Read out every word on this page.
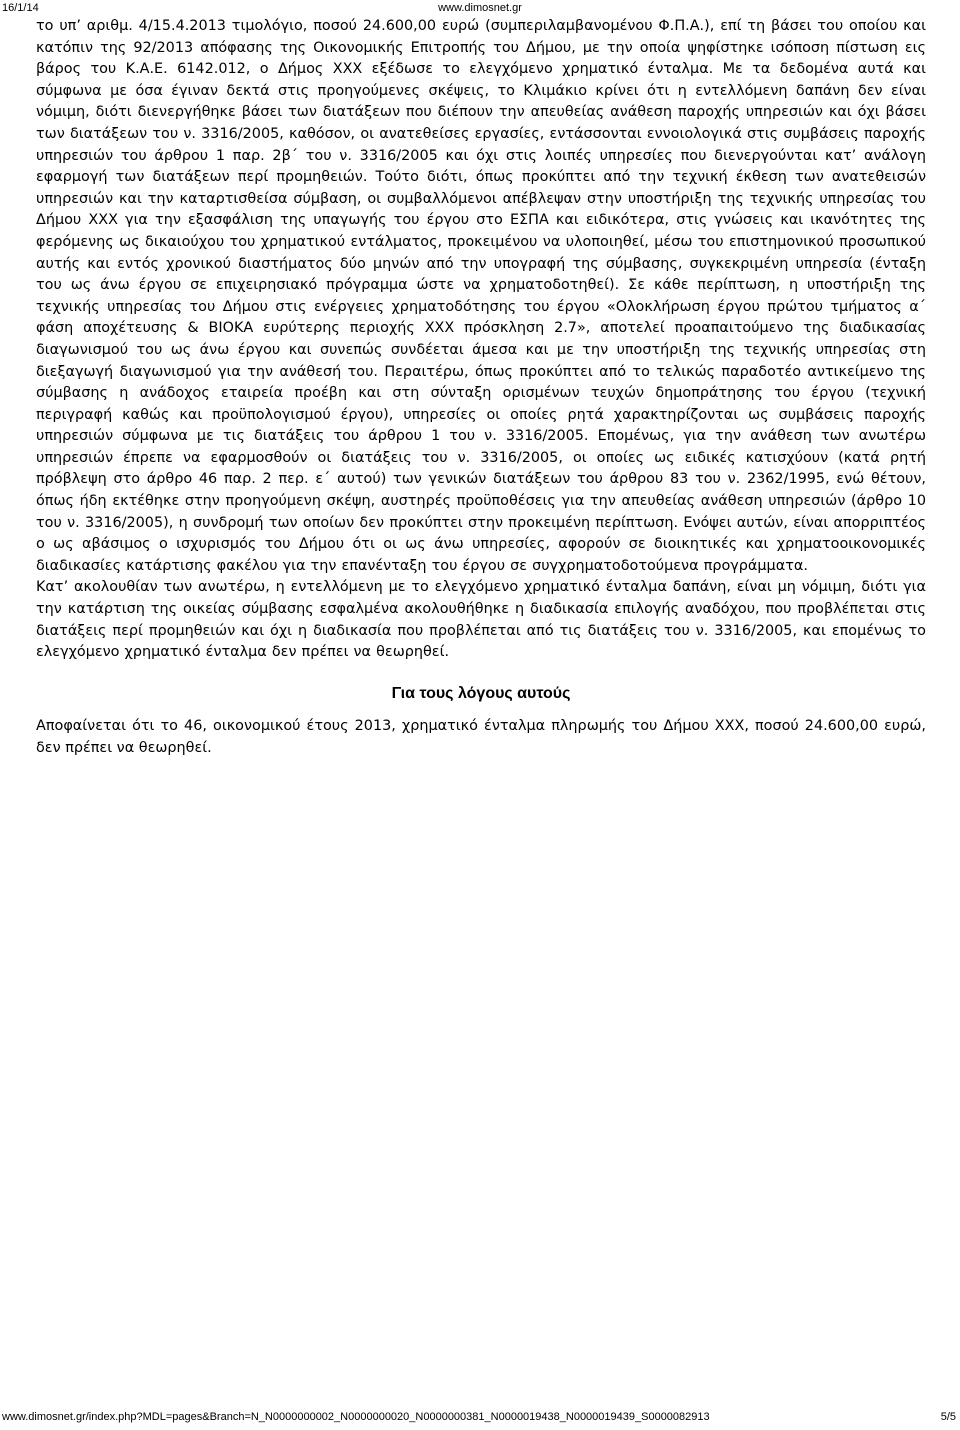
16/1/14	www.dimosnet.gr

το υπ’ αριθμ. 4/15.4.2013 τιμολόγιο, ποσού 24.600,00 ευρώ (συμπεριλαμβανομένου Φ.Π.Α.), επί τη βάσει του οποίου και κατόπιν της 92/2013 απόφασης της Οικονομικής Επιτροπής του Δήμου, με την οποία ψηφίστηκε ισόποση πίστωση εις βάρος του Κ.Α.Ε. 6142.012, ο Δήμος ΧΧΧ εξέδωσε το ελεγχόμενο χρηματικό ένταλμα. Με τα δεδομένα αυτά και σύμφωνα με όσα έγιναν δεκτά στις προηγούμενες σκέψεις, το Κλιμάκιο κρίνει ότι η εντελλόμενη δαπάνη δεν είναι νόμιμη, διότι διενεργήθηκε βάσει των διατάξεων που διέπουν την απευθείας ανάθεση παροχής υπηρεσιών και όχι βάσει των διατάξεων του ν. 3316/2005, καθόσον, οι ανατεθείσες εργασίες, εντάσσονται εννοιολογικά στις συμβάσεις παροχής υπηρεσιών του άρθρου 1 παρ. 2β΄ του ν. 3316/2005 και όχι στις λοιπές υπηρεσίες που διενεργούνται κατ’ ανάλογη εφαρμογή των διατάξεων περί προμηθειών. Τούτο διότι, όπως προκύπτει από την τεχνική έκθεση των ανατεθεισών υπηρεσιών και την καταρτισθείσα σύμβαση, οι συμβαλλόμενοι απέβλεψαν στην υποστήριξη της τεχνικής υπηρεσίας του Δήμου ΧΧΧ για την εξασφάλιση της υπαγωγής του έργου στο ΕΣΠΑ και ειδικότερα, στις γνώσεις και ικανότητες της φερόμενης ως δικαιούχου του χρηματικού εντάλματος, προκειμένου να υλοποιηθεί, μέσω του επιστημονικού προσωπικού αυτής και εντός χρονικού διαστήματος δύο μηνών από την υπογραφή της σύμβασης, συγκεκριμένη υπηρεσία (ένταξη του ως άνω έργου σε επιχειρησιακό πρόγραμμα ώστε να χρηματοδοτηθεί). Σε κάθε περίπτωση, η υποστήριξη της τεχνικής υπηρεσίας του Δήμου στις ενέργειες χρηματοδότησης του έργου «Ολοκλήρωση έργου πρώτου τμήματος α΄ φάση αποχέτευσης & ΒΙΟΚΑ ευρύτερης περιοχής ΧΧΧ πρόσκληση 2.7», αποτελεί προαπαιτούμενο της διαδικασίας διαγωνισμού του ως άνω έργου και συνεπώς συνδέεται άμεσα και με την υποστήριξη της τεχνικής υπηρεσίας στη διεξαγωγή διαγωνισμού για την ανάθεσή του. Περαιτέρω, όπως προκύπτει από το τελικώς παραδοτέο αντικείμενο της σύμβασης η ανάδοχος εταιρεία προέβη και στη σύνταξη ορισμένων τευχών δημοπράτησης του έργου (τεχνική περιγραφή καθώς και προϋπολογισμού έργου), υπηρεσίες οι οποίες ρητά χαρακτηρίζονται ως συμβάσεις παροχής υπηρεσιών σύμφωνα με τις διατάξεις του άρθρου 1 του ν. 3316/2005. Επομένως, για την ανάθεση των ανωτέρω υπηρεσιών έπρεπε να εφαρμοσθούν οι διατάξεις του ν. 3316/2005, οι οποίες ως ειδικές κατισχύουν (κατά ρητή πρόβλεψη στο άρθρο 46 παρ. 2 περ. ε΄ αυτού) των γενικών διατάξεων του άρθρου 83 του ν. 2362/1995, ενώ θέτουν, όπως ήδη εκτέθηκε στην προηγούμενη σκέψη, αυστηρές προϋποθέσεις για την απευθείας ανάθεση υπηρεσιών (άρθρο 10 του ν. 3316/2005), η συνδρομή των οποίων δεν προκύπτει στην προκειμένη περίπτωση. Ενόψει αυτών, είναι απορριπτέος ο ως αβάσιμος ο ισχυρισμός του Δήμου ότι οι ως άνω υπηρεσίες, αφορούν σε διοικητικές και χρηματοοικονομικές διαδικασίες κατάρτισης φακέλου για την επανένταξη του έργου σε συγχρηματοδοτούμενα προγράμματα.

Κατ’ ακολουθίαν των ανωτέρω, η εντελλόμενη με το ελεγχόμενο χρηματικό ένταλμα δαπάνη, είναι μη νόμιμη, διότι για την κατάρτιση της οικείας σύμβασης εσφαλμένα ακολουθήθηκε η διαδικασία επιλογής αναδόχου, που προβλέπεται στις διατάξεις περί προμηθειών και όχι η διαδικασία που προβλέπεται από τις διατάξεις του ν. 3316/2005, και επομένως το ελεγχόμενο χρηματικό ένταλμα δεν πρέπει να θεωρηθεί.

Για τους λόγους αυτούς

Αποφαίνεται ότι το 46, οικονομικού έτους 2013, χρηματικό ένταλμα πληρωμής του Δήμου ΧΧΧ, ποσού 24.600,00 ευρώ, δεν πρέπει να θεωρηθεί.

www.dimosnet.gr/index.php?MDL=pages&Branch=N_N0000000002_N0000000020_N0000000381_N0000019438_N0000019439_S0000082913	5/5
